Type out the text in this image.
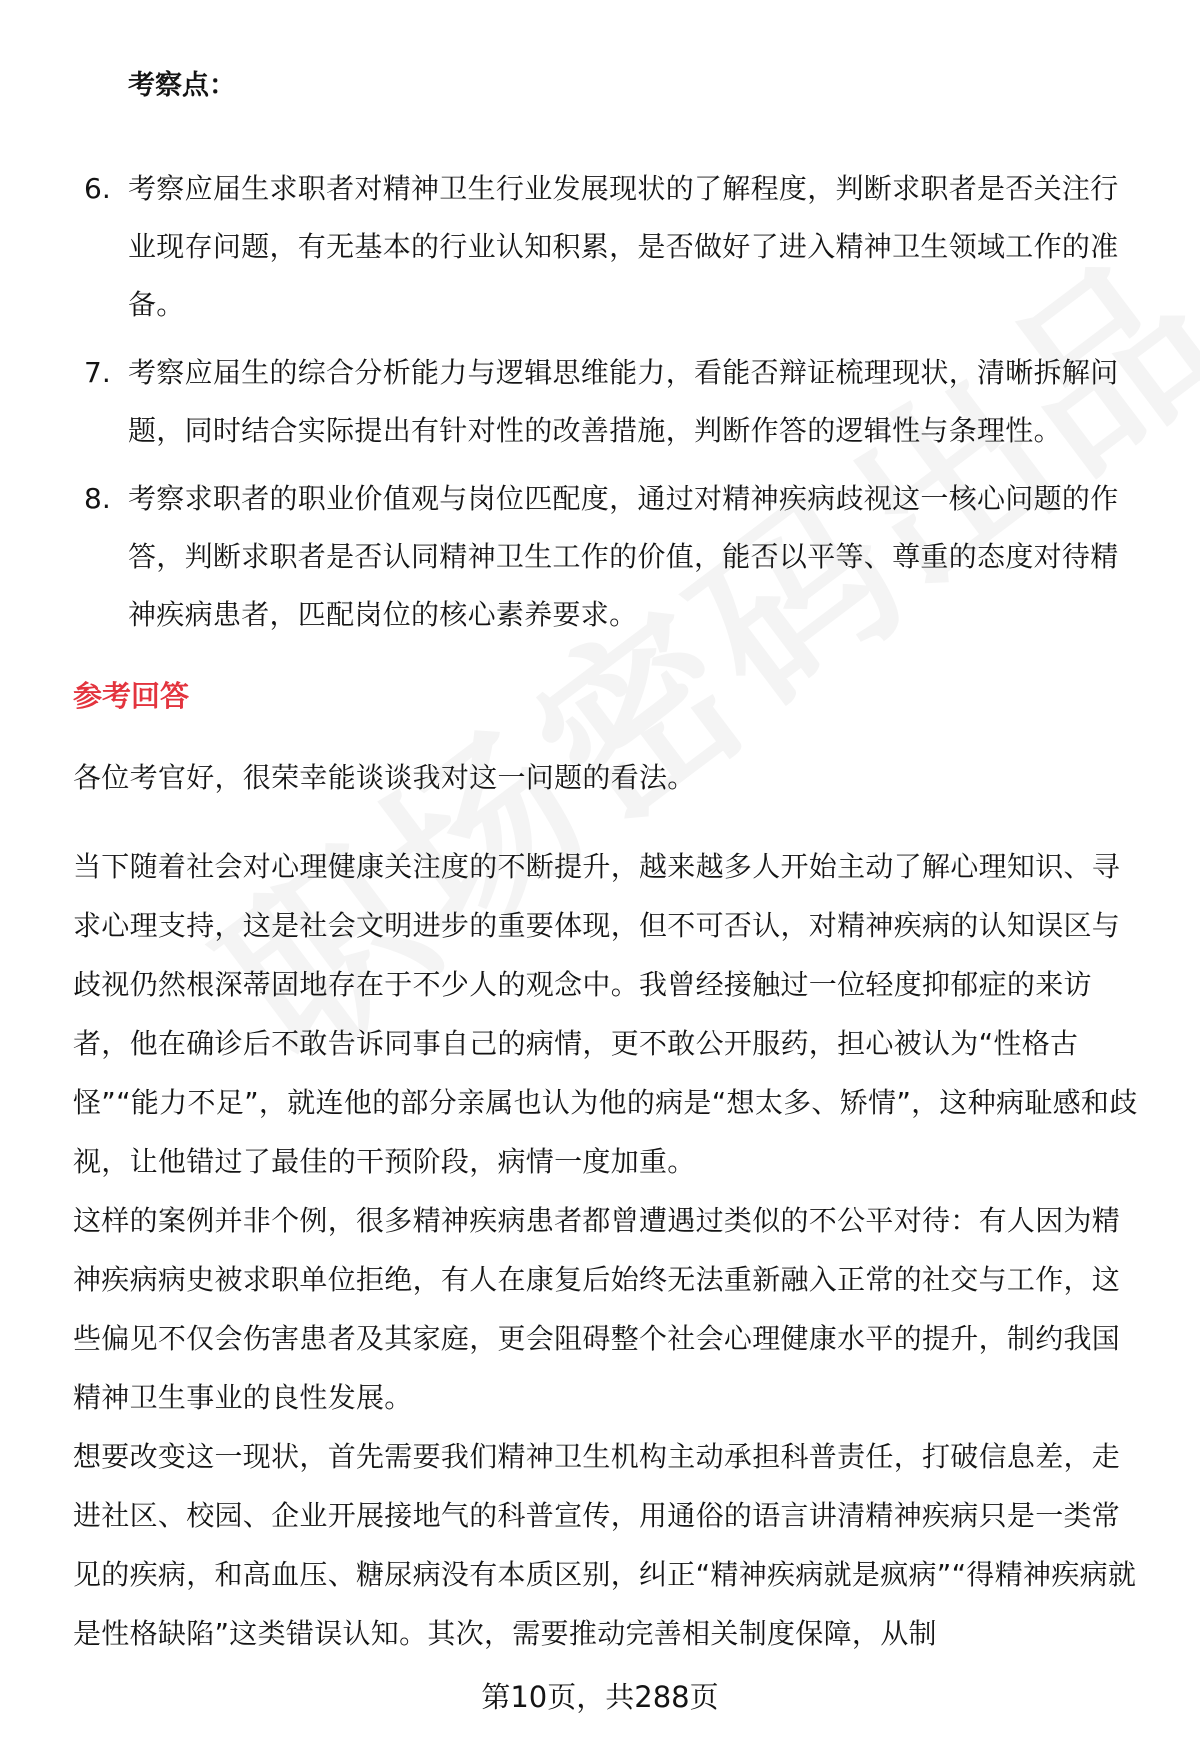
考察点：
6. 考察应届生求职者对精神卫生行业发展现状的了解程度，判断求职者是否关注行业现存问题，有无基本的行业认知积累，是否做好了进入精神卫生领域工作的准备。
7. 考察应届生的综合分析能力与逻辑思维能力，看能否辩证梳理现状，清晰拆解问题，同时结合实际提出有针对性的改善措施，判断作答的逻辑性与条理性。
8. 考察求职者的职业价值观与岗位匹配度，通过对精神疾病歧视这一核心问题的作答，判断求职者是否认同精神卫生工作的价值，能否以平等、尊重的态度对待精神疾病患者，匹配岗位的核心素养要求。
参考回答

各位考官好，很荣幸能谈谈我对这一问题的看法。

当下随着社会对心理健康关注度的不断提升，越来越多人开始主动了解心理知识、寻求心理支持，这是社会文明进步的重要体现，但不可否认，对精神疾病的认知误区与歧视仍然根深蒂固地存在于不少人的观念中。我曾经接触过一位轻度抑郁症的来访者，他在确诊后不敢告诉同事自己的病情，更不敢公开服药，担心被认为“性格古怪”“能力不足”，就连他的部分亲属也认为他的病是“想太多、矫情”，这种病耻感和歧视，让他错过了最佳的干预阶段，病情一度加重。

这样的案例并非个例，很多精神疾病患者都曾遭遇过类似的不公平对待：有人因为精神疾病病史被求职单位拒绝，有人在康复后始终无法重新融入正常的社交与工作，这些偏见不仅会伤害患者及其家庭，更会阻碍整个社会心理健康水平的提升，制约我国精神卫生事业的良性发展。

想要改变这一现状，首先需要我们精神卫生机构主动承担科普责任，打破信息差，走进社区、校园、企业开展接地气的科普宣传，用通俗的语言讲清精神疾病只是一类常见的疾病，和高血压、糖尿病没有本质区别，纠正“精神疾病就是疯病”“得精神疾病就是性格缺陷”这类错误认知。其次，需要推动完善相关制度保障，从制

第10页，共288页
